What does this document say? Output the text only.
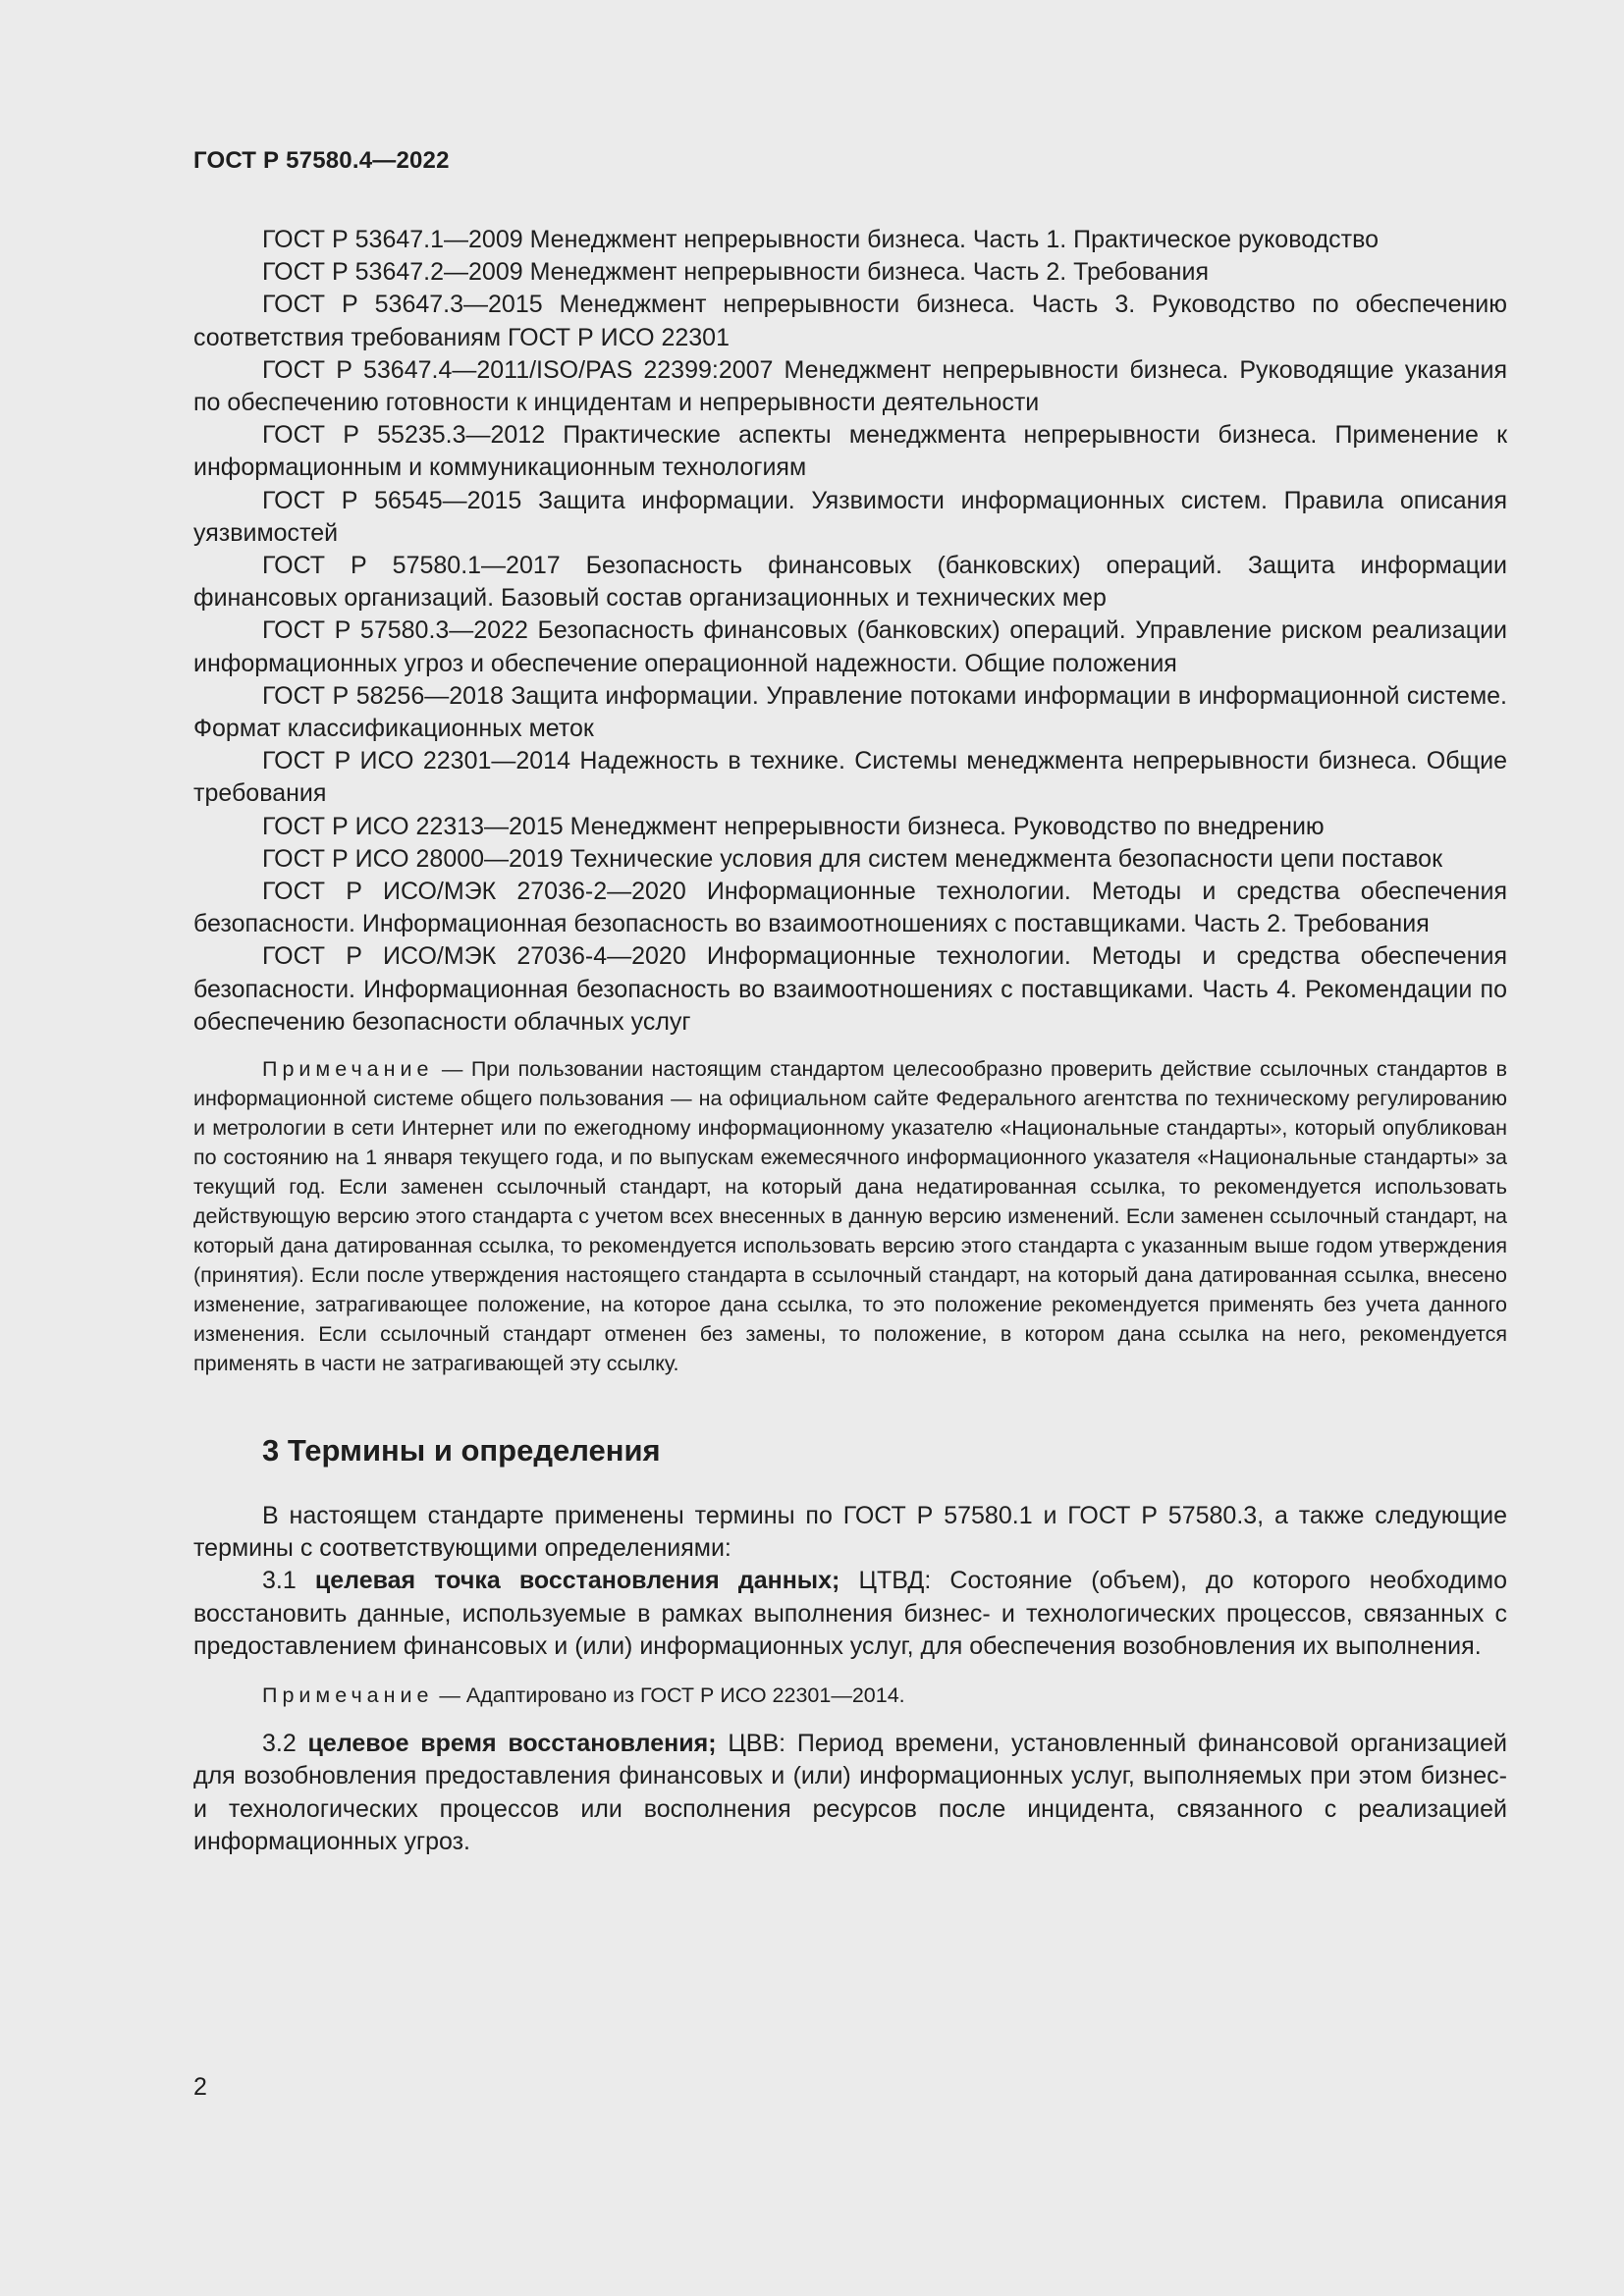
ГОСТ Р 57580.4—2022

ГОСТ Р 53647.1—2009 Менеджмент непрерывности бизнеса. Часть 1. Практическое руководство

ГОСТ Р 53647.2—2009 Менеджмент непрерывности бизнеса. Часть 2. Требования

ГОСТ Р 53647.3—2015 Менеджмент непрерывности бизнеса. Часть 3. Руководство по обеспечению соответствия требованиям ГОСТ Р ИСО 22301

ГОСТ Р 53647.4—2011/ISO/PAS 22399:2007 Менеджмент непрерывности бизнеса. Руководящие указания по обеспечению готовности к инцидентам и непрерывности деятельности

ГОСТ Р 55235.3—2012 Практические аспекты менеджмента непрерывности бизнеса. Применение к информационным и коммуникационным технологиям

ГОСТ Р 56545—2015 Защита информации. Уязвимости информационных систем. Правила описания уязвимостей

ГОСТ Р 57580.1—2017 Безопасность финансовых (банковских) операций. Защита информации финансовых организаций. Базовый состав организационных и технических мер

ГОСТ Р 57580.3—2022 Безопасность финансовых (банковских) операций. Управление риском реализации информационных угроз и обеспечение операционной надежности. Общие положения

ГОСТ Р 58256—2018 Защита информации. Управление потоками информации в информационной системе. Формат классификационных меток

ГОСТ Р ИСО 22301—2014 Надежность в технике. Системы менеджмента непрерывности бизнеса. Общие требования

ГОСТ Р ИСО 22313—2015 Менеджмент непрерывности бизнеса. Руководство по внедрению

ГОСТ Р ИСО 28000—2019 Технические условия для систем менеджмента безопасности цепи поставок

ГОСТ Р ИСО/МЭК 27036-2—2020 Информационные технологии. Методы и средства обеспечения безопасности. Информационная безопасность во взаимоотношениях с поставщиками. Часть 2. Требования

ГОСТ Р ИСО/МЭК 27036-4—2020 Информационные технологии. Методы и средства обеспечения безопасности. Информационная безопасность во взаимоотношениях с поставщиками. Часть 4. Рекомендации по обеспечению безопасности облачных услуг

Примечание — При пользовании настоящим стандартом целесообразно проверить действие ссылочных стандартов в информационной системе общего пользования — на официальном сайте Федерального агентства по техническому регулированию и метрологии в сети Интернет или по ежегодному информационному указателю «Национальные стандарты», который опубликован по состоянию на 1 января текущего года, и по выпускам ежемесячного информационного указателя «Национальные стандарты» за текущий год. Если заменен ссылочный стандарт, на который дана недатированная ссылка, то рекомендуется использовать действующую версию этого стандарта с учетом всех внесенных в данную версию изменений. Если заменен ссылочный стандарт, на который дана датированная ссылка, то рекомендуется использовать версию этого стандарта с указанным выше годом утверждения (принятия). Если после утверждения настоящего стандарта в ссылочный стандарт, на который дана датированная ссылка, внесено изменение, затрагивающее положение, на которое дана ссылка, то это положение рекомендуется применять без учета данного изменения. Если ссылочный стандарт отменен без замены, то положение, в котором дана ссылка на него, рекомендуется применять в части не затрагивающей эту ссылку.

3 Термины и определения

В настоящем стандарте применены термины по ГОСТ Р 57580.1 и ГОСТ Р 57580.3, а также следующие термины с соответствующими определениями:

3.1 целевая точка восстановления данных; ЦТВД: Состояние (объем), до которого необходимо восстановить данные, используемые в рамках выполнения бизнес- и технологических процессов, связанных с предоставлением финансовых и (или) информационных услуг, для обеспечения возобновления их выполнения.

Примечание — Адаптировано из ГОСТ Р ИСО 22301—2014.

3.2 целевое время восстановления; ЦВВ: Период времени, установленный финансовой организацией для возобновления предоставления финансовых и (или) информационных услуг, выполняемых при этом бизнес- и технологических процессов или восполнения ресурсов после инцидента, связанного с реализацией информационных угроз.

2
